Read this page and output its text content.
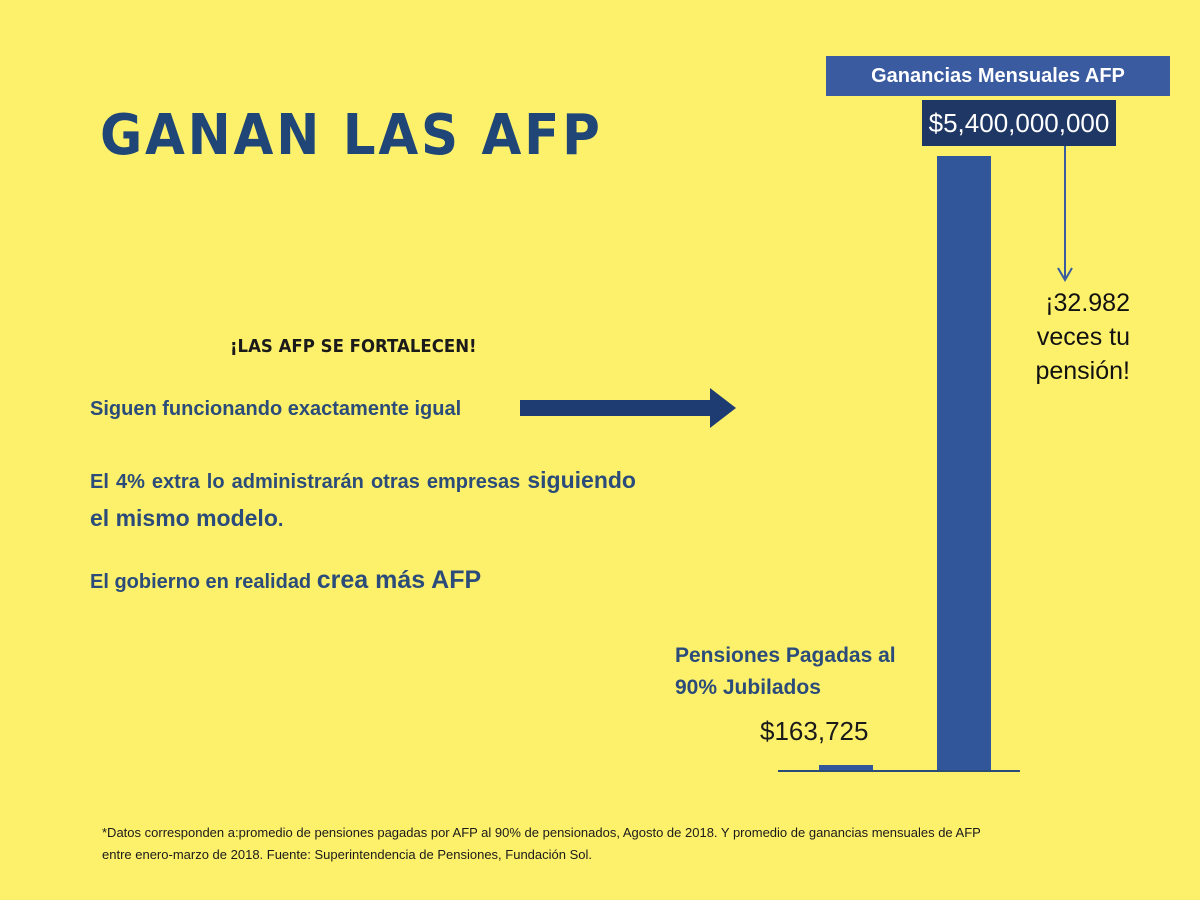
GANAN LAS AFP
¡LAS AFP SE FORTALECEN!
Siguen funcionando exactamente igual
El 4% extra lo administrarán otras empresas siguiendo el mismo modelo.
El gobierno en realidad crea más AFP
Ganancias Mensuales AFP
$5,400,000,000
¡32.982
veces tu
pensión!
Pensiones Pagadas al
90% Jubilados
$163,725
*Datos corresponden a:promedio de pensiones pagadas por AFP al 90% de pensionados, Agosto de 2018. Y promedio de ganancias mensuales de AFP
entre enero-marzo de 2018. Fuente: Superintendencia de Pensiones, Fundación Sol.
